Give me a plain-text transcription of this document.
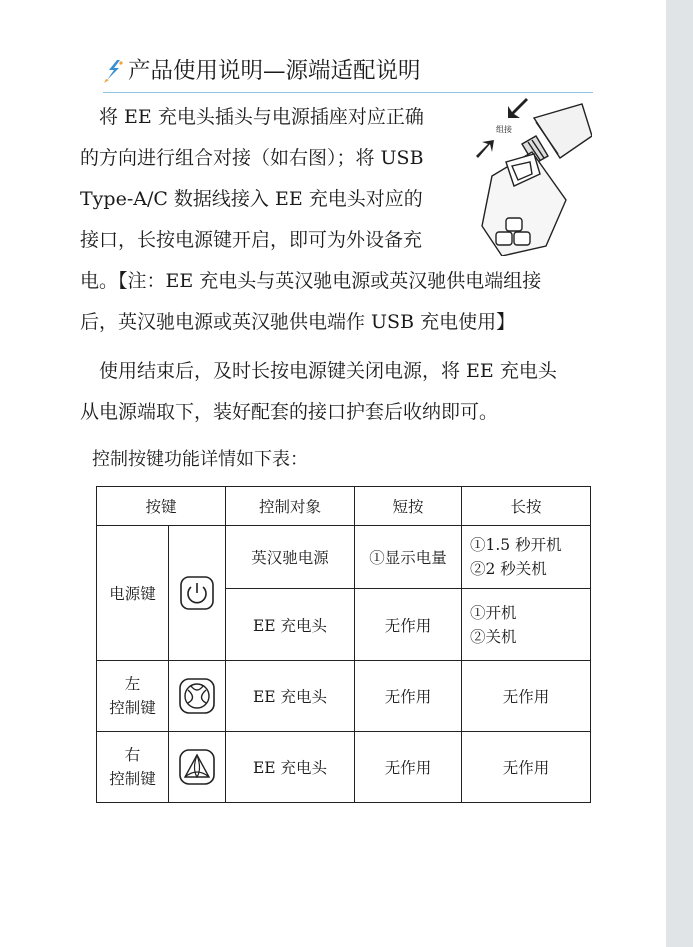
产品使用说明—源端适配说明
　将 EE 充电头插头与电源插座对应正确
的方向进行组合对接（如右图）；将 USB
Type-A/C 数据线接入 EE 充电头对应的
接口，长按电源键开启，即可为外设备充
电。【注：EE 充电头与英汉驰电源或英汉驰供电端组接
后，英汉驰电源或英汉驰供电端作 USB 充电使用】
组接
　使用结束后，及时长按电源键关闭电源，将 EE 充电头
从电源端取下，装好配套的接口护套后收纳即可。
控制按键功能详情如下表：
按键		控制对象	短按	长按
电源键		英汉驰电源	①显示电量	①1.5 秒开机
②2 秒关机

		EE 充电头	无作用	①开机
②关机

左
控制键		EE 充电头	无作用	无作用

右
控制键		EE 充电头	无作用	无作用
